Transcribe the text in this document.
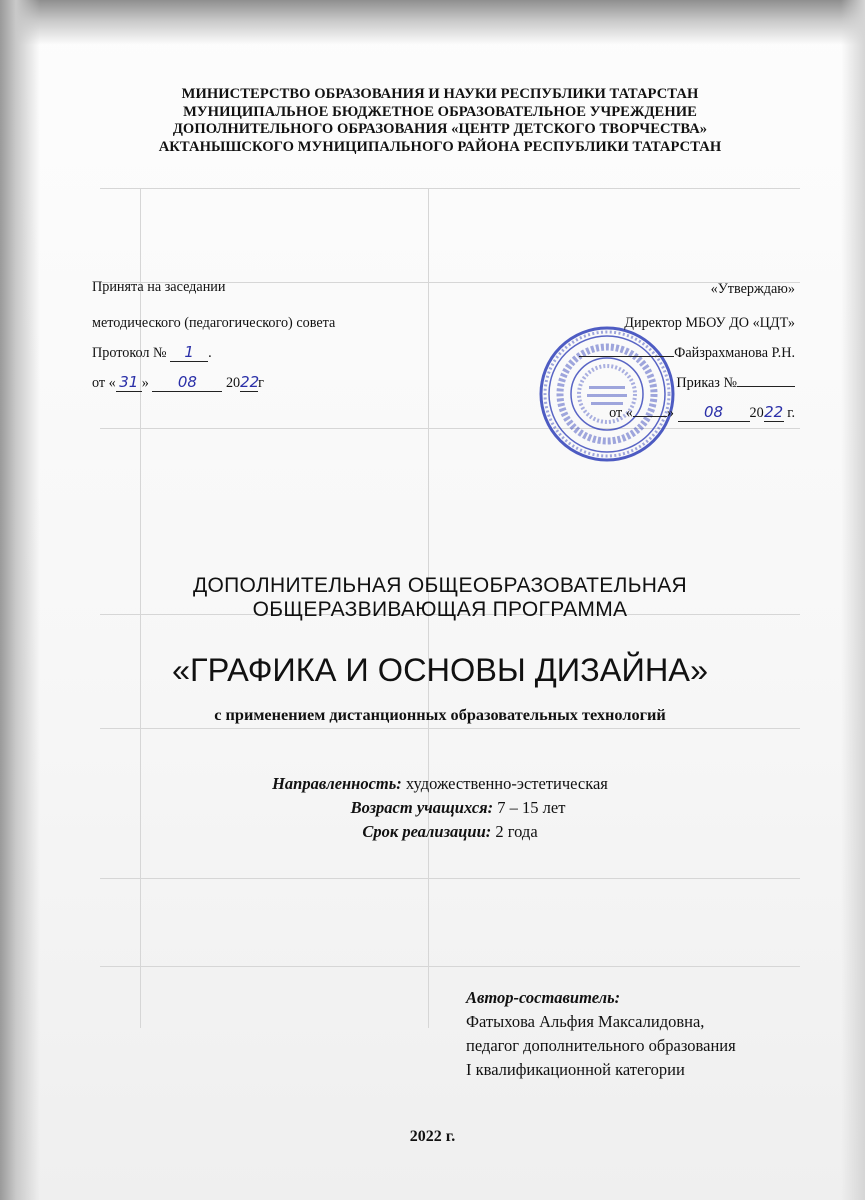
МИНИСТЕРСТВО ОБРАЗОВАНИЯ И НАУКИ РЕСПУБЛИКИ ТАТАРСТАН
МУНИЦИПАЛЬНОЕ БЮДЖЕТНОЕ ОБРАЗОВАТЕЛЬНОЕ УЧРЕЖДЕНИЕ
ДОПОЛНИТЕЛЬНОГО ОБРАЗОВАНИЯ «ЦЕНТР ДЕТСКОГО ТВОРЧЕСТВА»
АКТАНЫШСКОГО МУНИЦИПАЛЬНОГО РАЙОНА РЕСПУБЛИКИ ТАТАРСТАН
Принята на заседании
методического (педагогического) совета
Протокол № 1 .
от « 31 » 08 2022г
«Утверждаю»
Директор МБОУ ДО «ЦДТ»
Файзрахманова Р.Н.
Приказ №
от « » 08 2022 г.
ДОПОЛНИТЕЛЬНАЯ ОБЩЕОБРАЗОВАТЕЛЬНАЯ
ОБЩЕРАЗВИВАЮЩАЯ ПРОГРАММА
«ГРАФИКА И ОСНОВЫ ДИЗАЙНА»
с применением дистанционных образовательных технологий
Направленность: художественно-эстетическая
Возраст учащихся: 7 – 15 лет
Срок реализации: 2 года
Автор-составитель:
Фатыхова Альфия Максалидовна,
педагог дополнительного образования
I квалификационной категории
2022 г.
